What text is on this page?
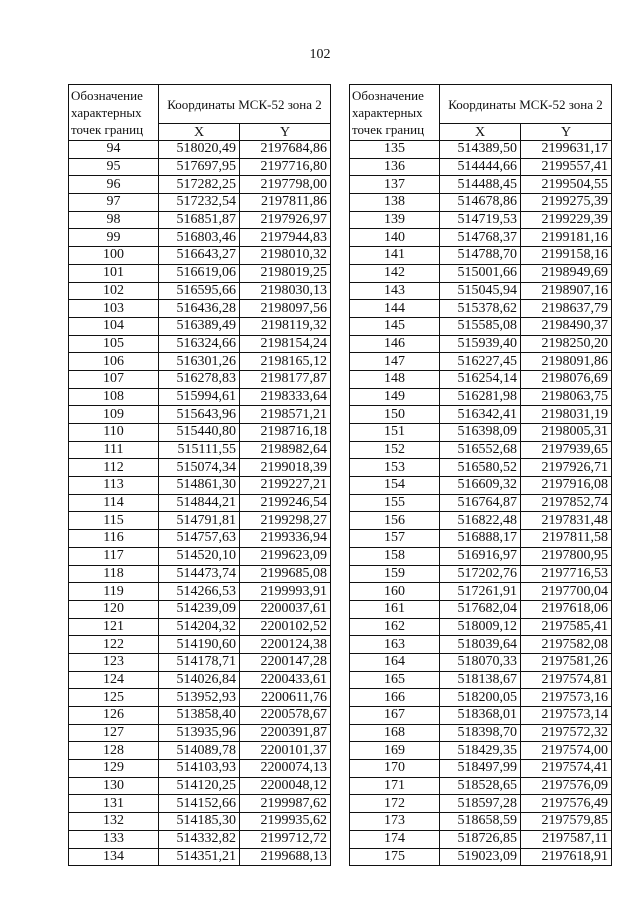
102
Обозначение характерных точек границ	Координаты МСК-52 зона 2	
	X	Y
94	518020,49	2197684,86
95	517697,95	2197716,80
96	517282,25	2197798,00
97	517232,54	2197811,86
98	516851,87	2197926,97
99	516803,46	2197944,83
100	516643,27	2198010,32
101	516619,06	2198019,25
102	516595,66	2198030,13
103	516436,28	2198097,56
104	516389,49	2198119,32
105	516324,66	2198154,24
106	516301,26	2198165,12
107	516278,83	2198177,87
108	515994,61	2198333,64
109	515643,96	2198571,21
110	515440,80	2198716,18
111	515111,55	2198982,64
112	515074,34	2199018,39
113	514861,30	2199227,21
114	514844,21	2199246,54
115	514791,81	2199298,27
116	514757,63	2199336,94
117	514520,10	2199623,09
118	514473,74	2199685,08
119	514266,53	2199993,91
120	514239,09	2200037,61
121	514204,32	2200102,52
122	514190,60	2200124,38
123	514178,71	2200147,28
124	514026,84	2200433,61
125	513952,93	2200611,76
126	513858,40	2200578,67
127	513935,96	2200391,87
128	514089,78	2200101,37
129	514103,93	2200074,13
130	514120,25	2200048,12
131	514152,66	2199987,62
132	514185,30	2199935,62
133	514332,82	2199712,72
134	514351,21	2199688,13
Обозначение характерных точек границ	Координаты МСК-52 зона 2	
	X	Y
135	514389,50	2199631,17
136	514444,66	2199557,41
137	514488,45	2199504,55
138	514678,86	2199275,39
139	514719,53	2199229,39
140	514768,37	2199181,16
141	514788,70	2199158,16
142	515001,66	2198949,69
143	515045,94	2198907,16
144	515378,62	2198637,79
145	515585,08	2198490,37
146	515939,40	2198250,20
147	516227,45	2198091,86
148	516254,14	2198076,69
149	516281,98	2198063,75
150	516342,41	2198031,19
151	516398,09	2198005,31
152	516552,68	2197939,65
153	516580,52	2197926,71
154	516609,32	2197916,08
155	516764,87	2197852,74
156	516822,48	2197831,48
157	516888,17	2197811,58
158	516916,97	2197800,95
159	517202,76	2197716,53
160	517261,91	2197700,04
161	517682,04	2197618,06
162	518009,12	2197585,41
163	518039,64	2197582,08
164	518070,33	2197581,26
165	518138,67	2197574,81
166	518200,05	2197573,16
167	518368,01	2197573,14
168	518398,70	2197572,32
169	518429,35	2197574,00
170	518497,99	2197574,41
171	518528,65	2197576,09
172	518597,28	2197576,49
173	518658,59	2197579,85
174	518726,85	2197587,11
175	519023,09	2197618,91
